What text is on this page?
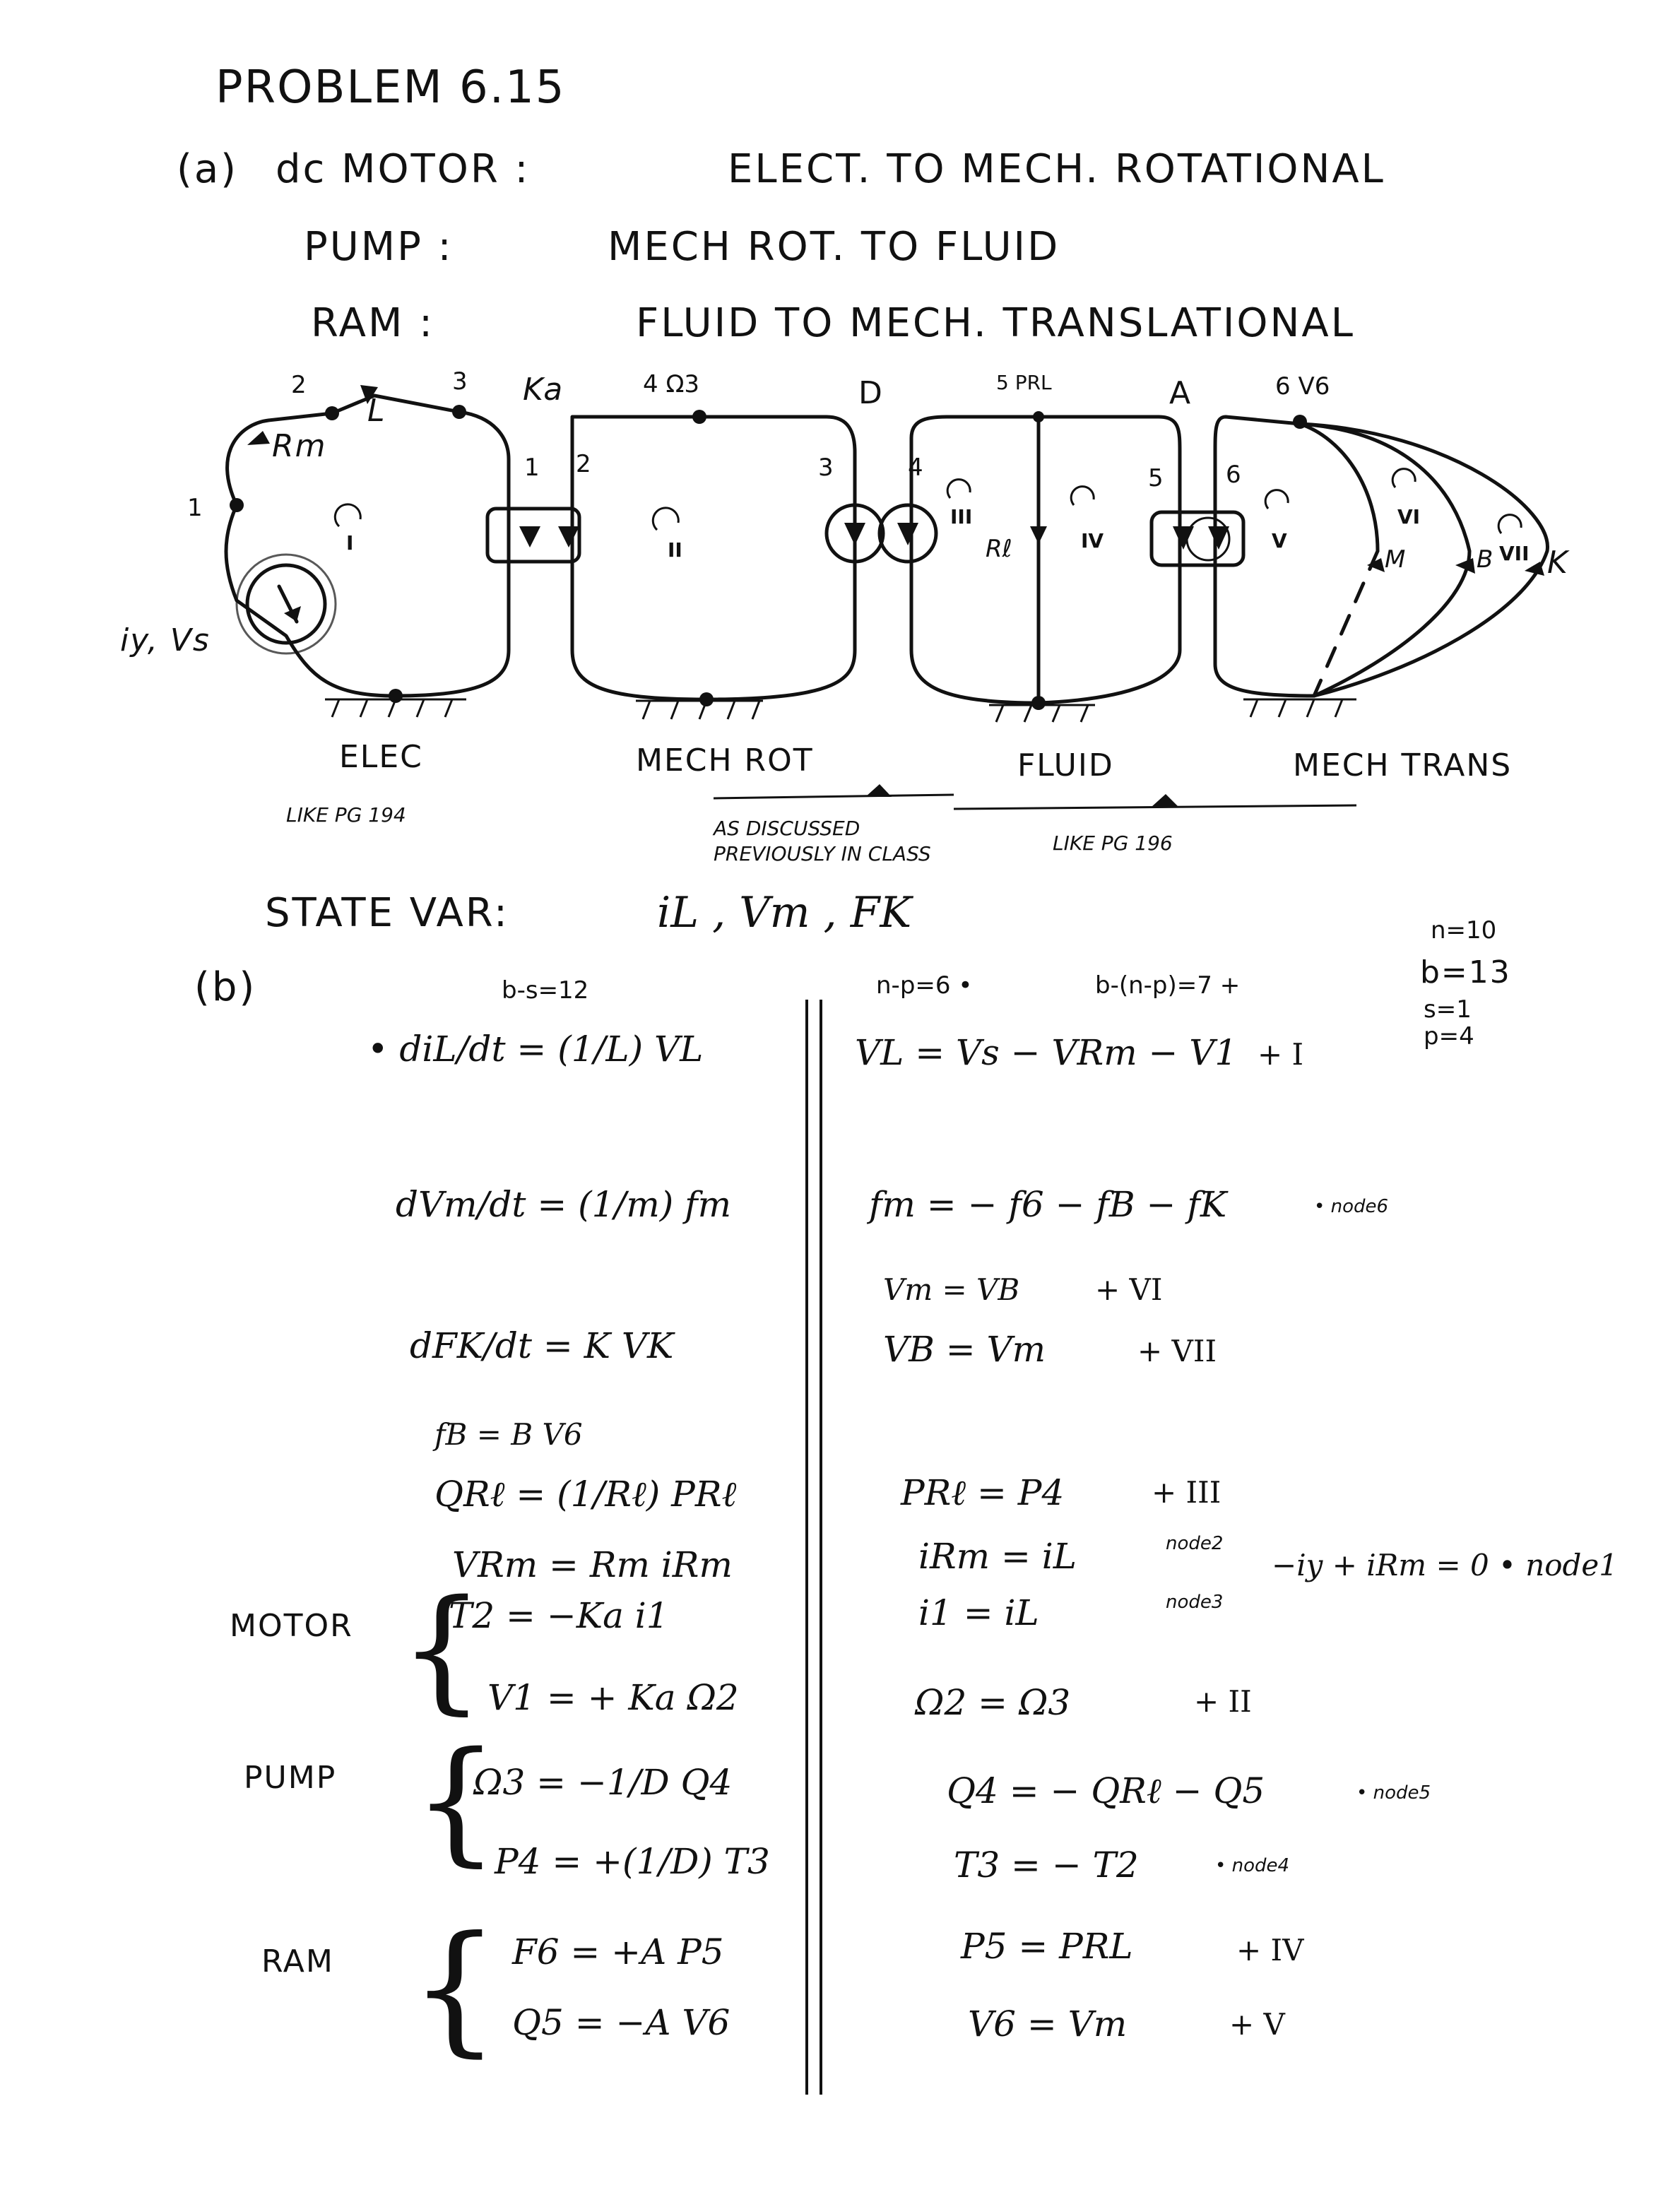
PROBLEM 6.15
(a) dc MOTOR :	ELECT. TO MECH. ROTATIONAL
PUMP :	MECH ROT. TO FLUID
RAM :	FLUID TO MECH. TRANSLATIONAL
2	3
1
Ka	4 Ω3	D	5 PRL	A	6 V6
Rm
L
Rℓ	M	B K
iy, Vs
1 2	3	4	5	6
I	II
III
IV	V
VI
VII
ELEC	MECH ROT	FLUID	MECH TRANS
LIKE PG 194
AS DISCUSSED PREVIOUSLY IN CLASS	LIKE PG 196
STATE VAR:	iL , Vm , FK	n=10
b=13
s=1
p=4
(b)	b-s=12	n-p=6 •	b-(n-p)=7 +
• diL/dt = (1/L) VL
dVm/dt = (1/m) fm
dFK/dt = K VK
fB = B V6
QRℓ = (1/Rℓ) PRℓ
VRm = Rm iRm
MOTOR {
T2 = −Ka i1
V1 = + Ka Ω2
PUMP {
Ω3 = −1/D Q4
P4 = +(1/D) T3
RAM { F6 = +A P5
Q5 = −A V6
VL = Vs − VRm − V1 + I
fm = − f6 − fB − fK	• node6
Vm = VB	+ VI
VB = Vm	+ VII
PRℓ = P4	+ III
iRm = iL	node2
−iy + iRm = 0 • node1
i1 = iL	node3
Ω2 = Ω3	+ II
Q4 = − QRℓ − Q5	• node5
T3 = − T2	• node4
P5 = PRL	+ IV
V6 = Vm	+ V
